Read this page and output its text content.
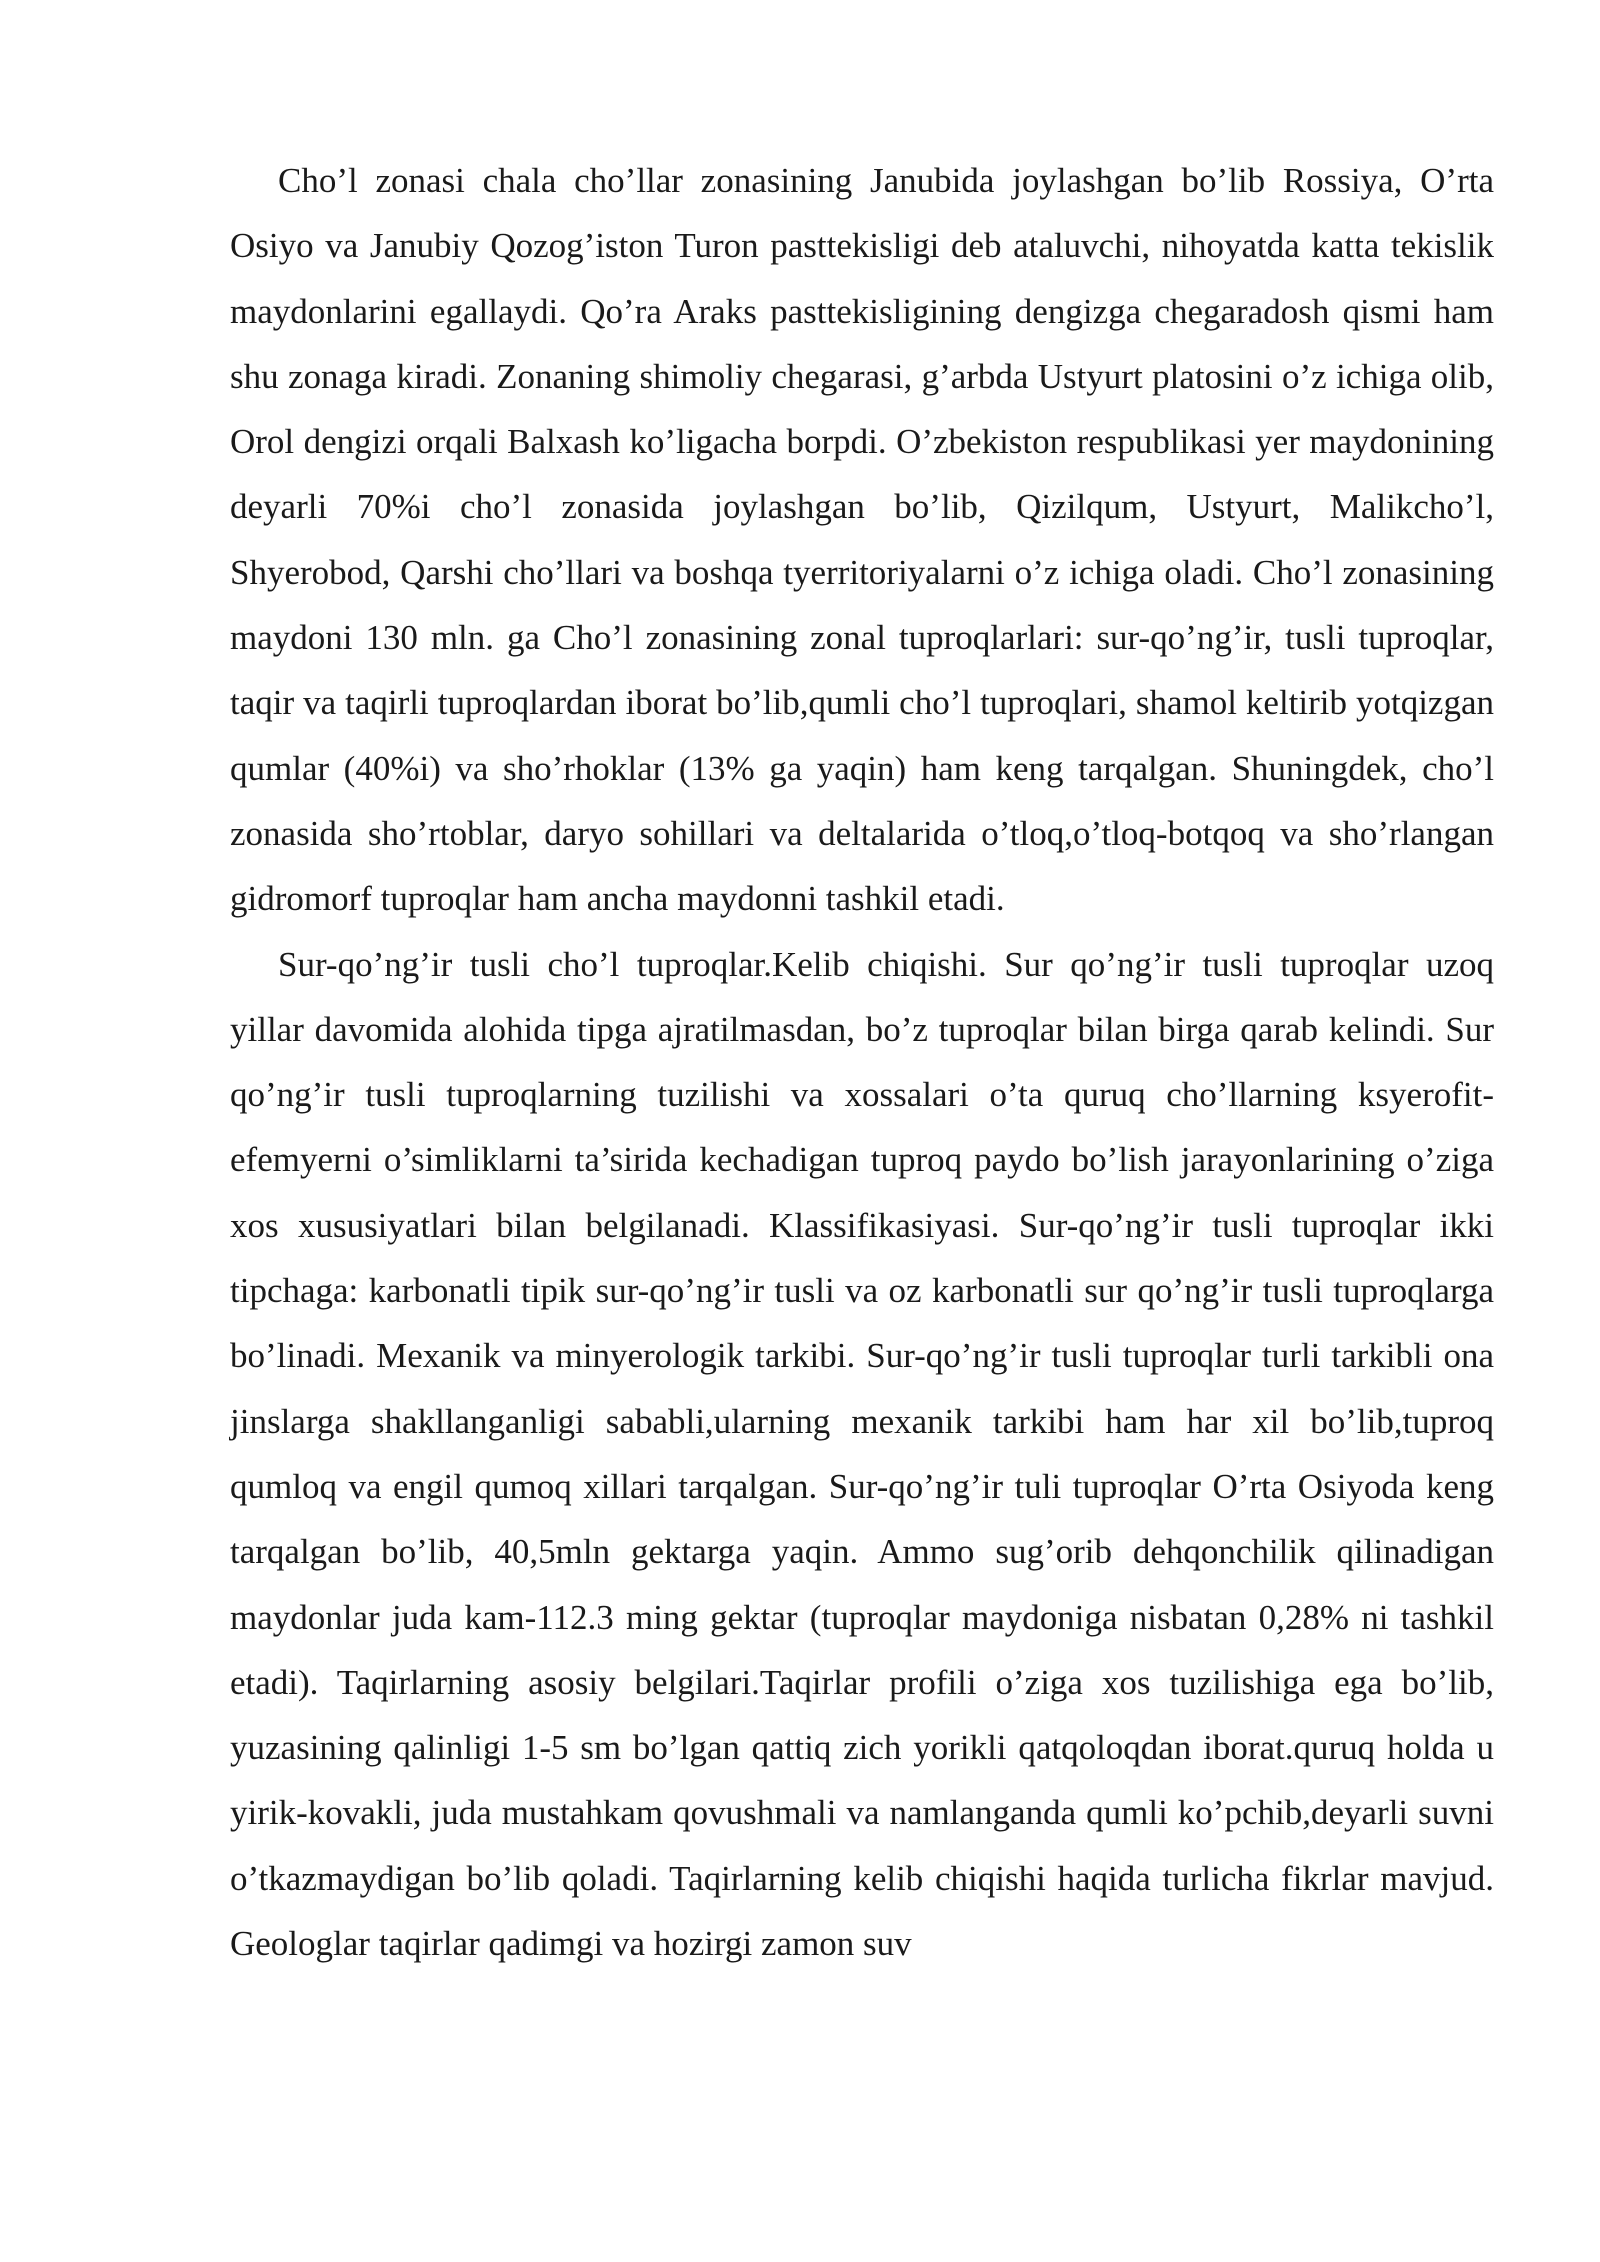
Cho’l zonasi chala cho’llar zonasining Janubida joylashgan bo’lib Rossiya, O’rta Osiyo va Janubiy Qozog’iston Turon pasttekisligi deb ataluvchi, nihoyatda katta tekislik maydonlarini egallaydi. Qo’ra Araks pasttekisligining dengizga chegaradosh qismi ham shu zonaga kiradi. Zonaning shimoliy chegarasi, g’arbda Ustyurt platosini o’z ichiga olib, Orol dengizi orqali Balxash ko’ligacha borpdi. O’zbekiston respublikasi yer maydonining deyarli 70%i cho’l zonasida joylashgan bo’lib, Qizilqum, Ustyurt, Malikcho’l, Shyerobod, Qarshi cho’llari va boshqa tyerritoriyalarni o’z ichiga oladi. Cho’l zonasining maydoni 130 mln. ga Cho’l zonasining zonal tuproqlarlari: sur-qo’ng’ir, tusli tuproqlar, taqir va taqirli tuproqlardan iborat bo’lib,qumli cho’l tuproqlari, shamol keltirib yotqizgan qumlar (40%i) va sho’rhoklar (13% ga yaqin) ham keng tarqalgan. Shuningdek, cho’l zonasida sho’rtoblar, daryo sohillari va deltalarida o’tloq,o’tloq-botqoq va sho’rlangan gidromorf tuproqlar ham ancha maydonni tashkil etadi.

Sur-qo’ng’ir tusli cho’l tuproqlar.Kelib chiqishi. Sur qo’ng’ir tusli tuproqlar uzoq yillar davomida alohida tipga ajratilmasdan, bo’z tuproqlar bilan birga qarab kelindi. Sur qo’ng’ir tusli tuproqlarning tuzilishi va xossalari o’ta quruq cho’llarning ksyerofit-efemyerni o’simliklarni ta’sirida kechadigan tuproq paydo bo’lish jarayonlarining o’ziga xos xususiyatlari bilan belgilanadi. Klassifikasiyasi. Sur-qo’ng’ir tusli tuproqlar ikki tipchaga: karbonatli tipik sur-qo’ng’ir tusli va oz karbonatli sur qo’ng’ir tusli tuproqlarga bo’linadi. Mexanik va minyerologik tarkibi. Sur-qo’ng’ir tusli tuproqlar turli tarkibli ona jinslarga shakllanganligi sababli,ularning mexanik tarkibi ham har xil bo’lib,tuproq qumloq va engil qumoq xillari tarqalgan. Sur-qo’ng’ir tuli tuproqlar O’rta Osiyoda keng tarqalgan bo’lib, 40,5mln gektarga yaqin. Ammo sug’orib dehqonchilik qilinadigan maydonlar juda kam-112.3 ming gektar (tuproqlar maydoniga nisbatan 0,28% ni tashkil etadi). Taqirlarning asosiy belgilari.Taqirlar profili o’ziga xos tuzilishiga ega bo’lib, yuzasining qalinligi 1-5 sm bo’lgan qattiq zich yorikli qatqoloqdan iborat.quruq holda u yirik-kovakli, juda mustahkam qovushmali va namlanganda qumli ko’pchib,deyarli suvni o’tkazmaydigan bo’lib qoladi. Taqirlarning kelib chiqishi haqida turlicha fikrlar mavjud. Geologlar taqirlar qadimgi va hozirgi zamon suv
